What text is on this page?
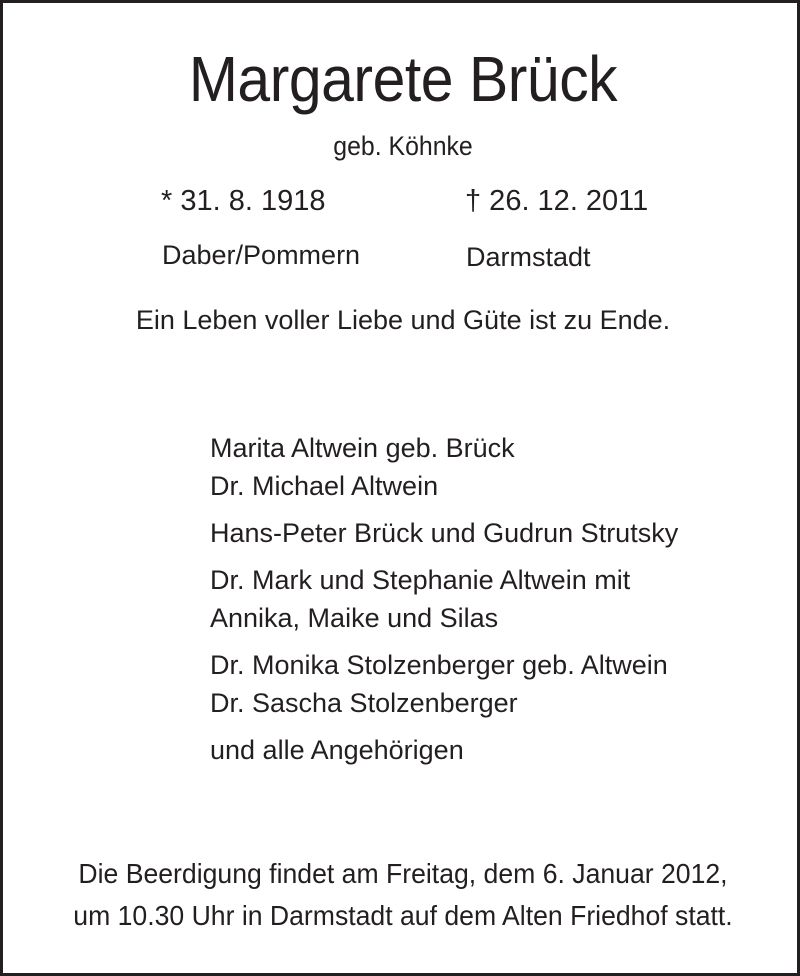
Margarete Brück
geb. Köhnke
* 31. 8. 1918	† 26. 12. 2011
Daber/Pommern	Darmstadt
Ein Leben voller Liebe und Güte ist zu Ende.
Marita Altwein geb. Brück
Dr. Michael Altwein
Hans-Peter Brück und Gudrun Strutsky
Dr. Mark und Stephanie Altwein mit
Annika, Maike und Silas
Dr. Monika Stolzenberger geb. Altwein
Dr. Sascha Stolzenberger
und alle Angehörigen
Die Beerdigung findet am Freitag, dem 6. Januar 2012,
um 10.30 Uhr in Darmstadt auf dem Alten Friedhof statt.
